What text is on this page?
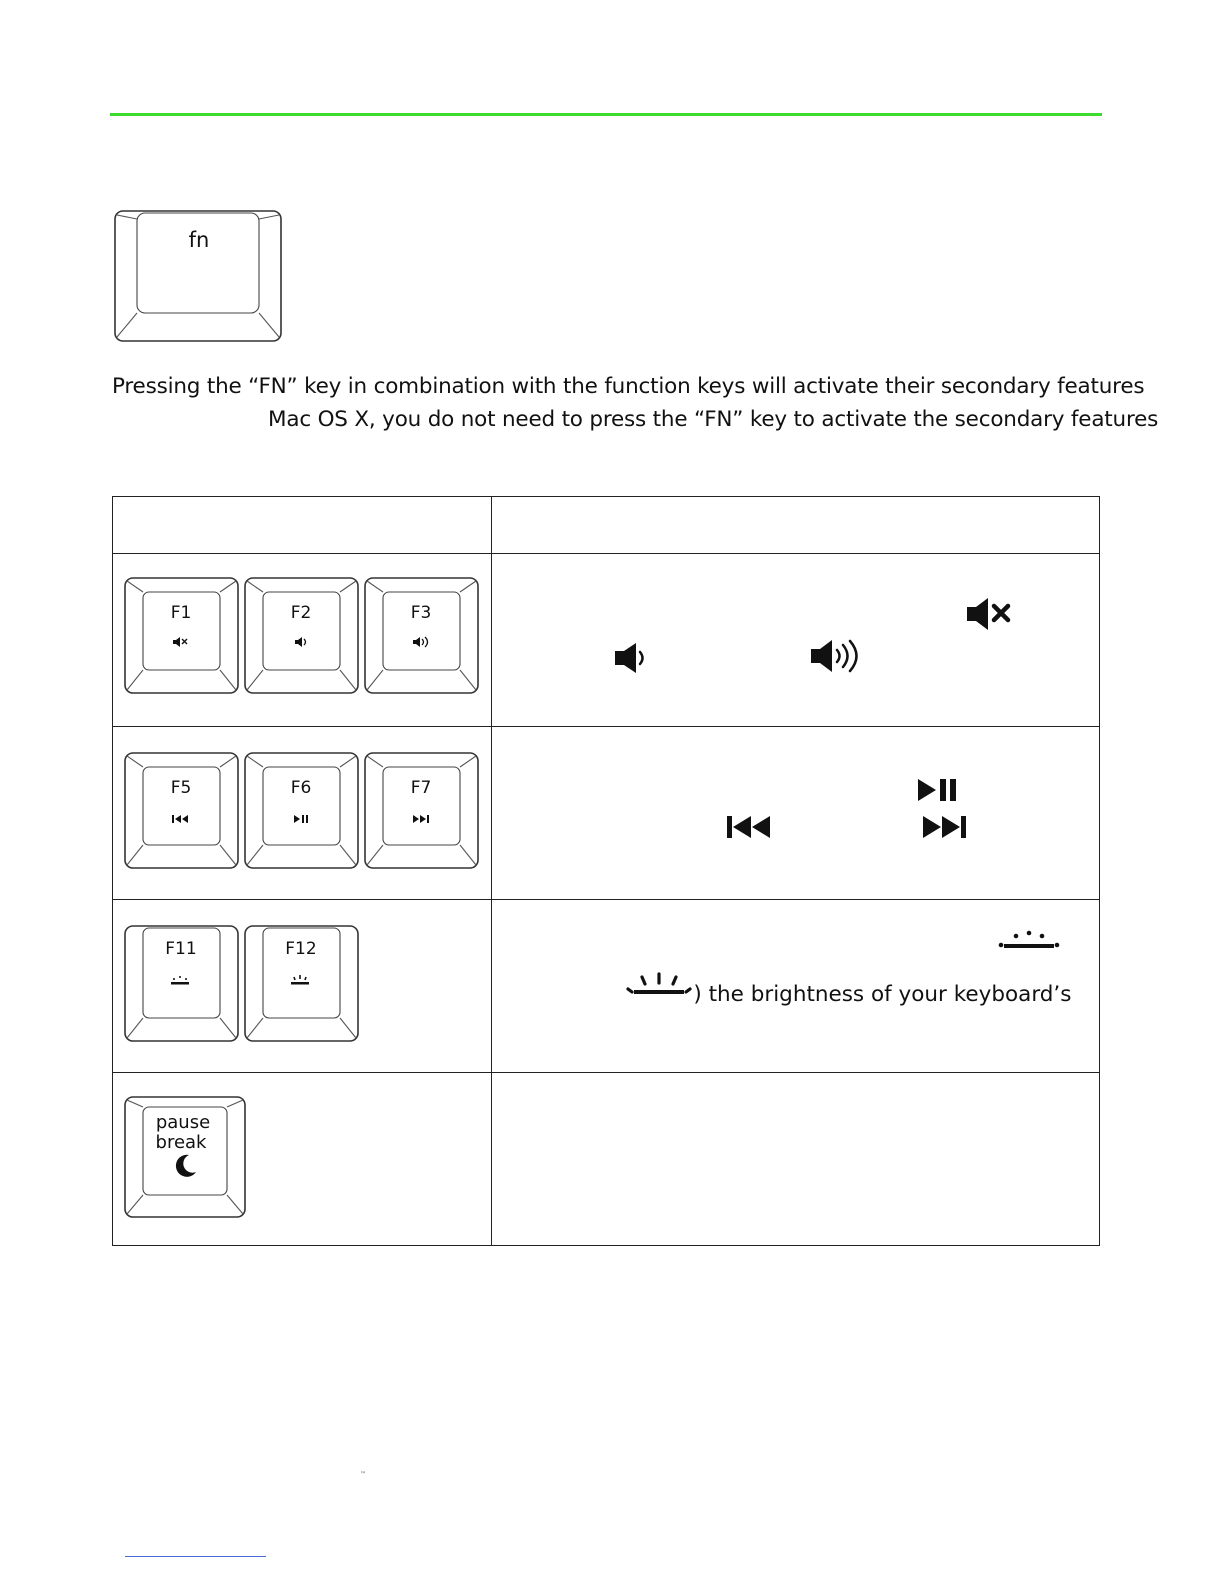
fn
Pressing the “FN” key in combination with the function keys will activate their secondary features
Mac OS X, you do not need to press the “FN” key to activate the secondary features

F1 F2 F3

F5 F6 F7

F11 F12	) the brightness of your keyboard’s

pause
break	

™
